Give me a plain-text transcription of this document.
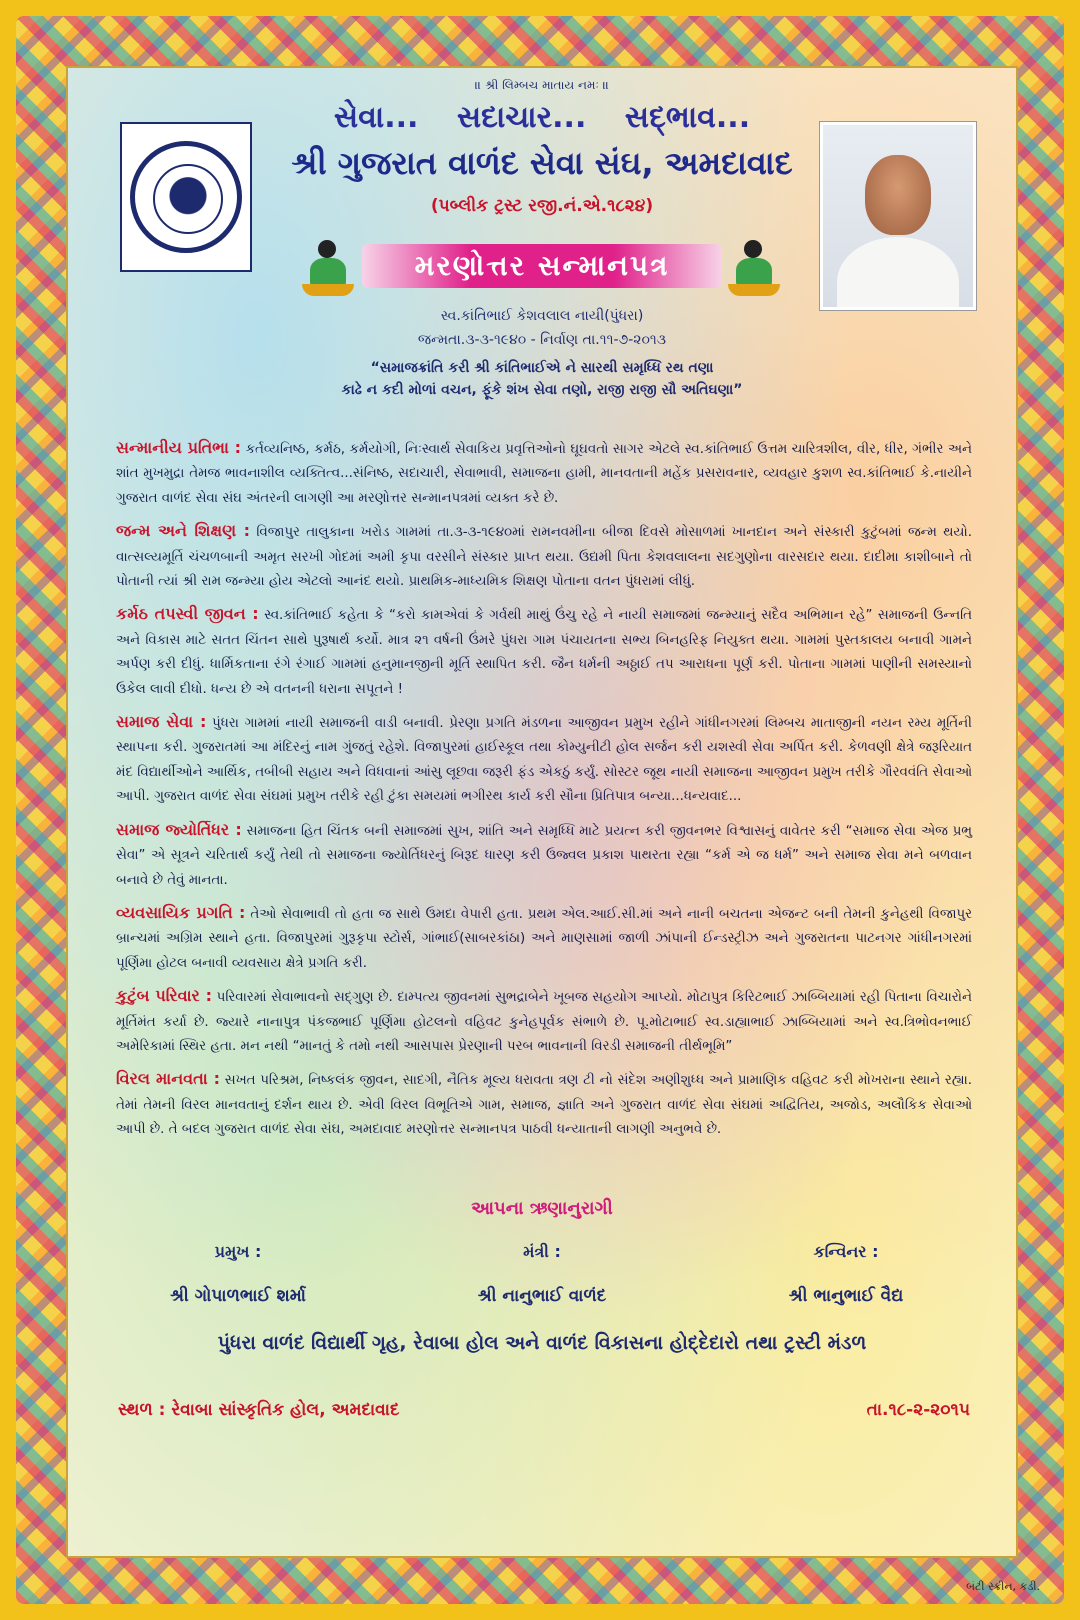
॥ શ્રી લિમ્બચ માતાય નમઃ ॥
સેવા... સદાચાર... સદ્‌ભાવ...
શ્રી ગુજરાત વાળંદ સેવા સંઘ, અમદાવાદ
(પબ્લીક ટ્રસ્ટ રજી.નં.એ.૧૮૨૪)
મરણોત્તર સન્માનપત્ર
સ્વ.કાંતિભાઈ કેશવલાલ નાયી(પુંધરા)
જન્મતા.૩-૩-૧૯૪૦ - નિર્વાણ તા.૧૧-૭-૨૦૧૩
“સમાજક્રાંતિ કરી શ્રી કાંતિભાઈએ ને સારથી સમૃધ્ધિ રથ તણા
કાઢે ન કદી મોળાં વચન, ફૂંકે શંખ સેવા તણો, રાજી રાજી સૌ અતિઘણા”

સન્માનીય પ્રતિભા : કર્તવ્યનિષ્ઠ, કર્મઠ, કર્મયોગી, નિઃસ્વાર્થ સેવાકિય પ્રવૃત્તિઓનો ઘૂઘવતો સાગર એટલે સ્વ.કાંતિભાઈ ઉત્તમ ચારિત્રશીલ, વીર, ધીર, ગંભીર અને શાંત મુખમુદ્રા તેમજ ભાવનાશીલ વ્યક્તિત્વ...સંનિષ્ઠ, સદાચારી, સેવાભાવી, સમાજના હામી, માનવતાની મહેંક પ્રસરાવનાર, વ્યવહાર કુશળ સ્વ.કાંતિભાઈ કે.નાયીને ગુજરાત વાળંદ સેવા સંઘ અંતરની લાગણી આ મરણોત્તર સન્માનપત્રમાં વ્યક્ત કરે છે.

જન્મ અને શિક્ષણ : વિજાપુર તાલુકાના ખરોડ ગામમાં તા.૩-૩-૧૯૪૦માં રામનવમીના બીજા દિવસે મોસાળમાં ખાનદાન અને સંસ્કારી કુટુંબમાં જન્મ થયો. વાત્સલ્યમૂર્તિ ચંચળબાની અમૃત સરખી ગોદમાં અમી કૃપા વરસીને સંસ્કાર પ્રાપ્ત થયા. ઉદ્યમી પિતા કેશવલાલના સદગુણોના વારસદાર થયા. દાદીમા કાશીબાને તો પોતાની ત્યાં શ્રી રામ જન્મ્યા હોય એટલો આનંદ થયો. પ્રાથમિક-માધ્યમિક શિક્ષણ પોતાના વતન પુંધરામાં લીધું.

કર્મઠ તપસ્વી જીવન : સ્વ.કાંતિભાઈ કહેતા કે “કરો કામએવાં કે ગર્વથી માથું ઉંચુ રહે ને નાયી સમાજમાં જન્મ્યાનું સદૈવ અભિમાન રહે” સમાજની ઉન્નતિ અને વિકાસ માટે સતત ચિંતન સાથે પુરૂષાર્થ કર્યો. માત્ર ૨૧ વર્ષની ઉંમરે પુંધરા ગામ પંચાયતના સભ્ય બિનહરિફ નિયુક્ત થયા. ગામમાં પુસ્તકાલય બનાવી ગામને અર્પણ કરી દીધું. ધાર્મિકતાના રંગે રંગાઈ ગામમાં હનુમાનજીની મૂર્તિ સ્થાપિત કરી. જૈન ધર્મની અઠ્ઠાઈ તપ આરાધના પૂર્ણ કરી. પોતાના ગામમાં પાણીની સમસ્યાનો ઉકેલ લાવી દીધો. ધન્ય છે એ વતનની ધરાના સપૂતને !

સમાજ સેવા : પુંધરા ગામમાં નાયી સમાજની વાડી બનાવી. પ્રેરણા પ્રગતિ મંડળના આજીવન પ્રમુખ રહીને ગાંધીનગરમાં લિમ્બચ માતાજીની નયન રમ્ય મૂર્તિની સ્થાપના કરી. ગુજરાતમાં આ મંદિરનું નામ ગુંજતું રહેશે. વિજાપુરમાં હાઈસ્કૂલ તથા કોમ્યુનીટી હોલ સર્જન કરી યશસ્વી સેવા અર્પિત કરી. કેળવણી ક્ષેત્રે જરૂરિયાત મંદ વિદ્યાર્થીઓને આર્થિક, તબીબી સહાય અને વિધવાનાં આંસુ લૂછવા જરૂરી ફંડ એકઠું કર્યું. સોસ્ટર જૂથ નાયી સમાજના આજીવન પ્રમુખ તરીકે ગૌરવવંતિ સેવાઓ આપી. ગુજરાત વાળંદ સેવા સંઘમાં પ્રમુખ તરીકે રહી ટુંકા સમયમાં ભગીરથ કાર્ય કરી સૌના પ્રિતિપાત્ર બન્યા...ધન્યવાદ...

સમાજ જ્યોર્તિધર : સમાજના હિત ચિંતક બની સમાજમાં સુખ, શાંતિ અને સમૃધ્ધિ માટે પ્રયત્ન કરી જીવનભર વિશ્વાસનું વાવેતર કરી “સમાજ સેવા એજ પ્રભુ સેવા” એ સૂત્રને ચરિતાર્થ કર્યું તેથી તો સમાજના જ્યોર્તિધરનું બિરૂદ ધારણ કરી ઉજ્વલ પ્રકાશ પાથરતા રહ્યા “કર્મ એ જ ધર્મ” અને સમાજ સેવા મને બળવાન બનાવે છે તેવું માનતા.

વ્યવસાયિક પ્રગતિ : તેઓ સેવાભાવી તો હતા જ સાથે ઉમદા વેપારી હતા. પ્રથમ એલ.આઈ.સી.માં અને નાની બચતના એજન્ટ બની તેમની કુનેહથી વિજાપુર બ્રાન્ચમાં અગ્રિમ સ્થાને હતા. વિજાપુરમાં ગુરૂકૃપા સ્ટોર્સ, ગાંભાઈ(સાબરકાંઠા) અને માણસામાં જાળી ઝાંપાની ઈન્ડસ્ટ્રીઝ અને ગુજરાતના પાટનગર ગાંધીનગરમાં પૂર્ણિમા હોટલ બનાવી વ્યવસાય ક્ષેત્રે પ્રગતિ કરી.

કુટુંબ પરિવાર : પરિવારમાં સેવાભાવનો સદ્‌ગુણ છે. દામ્પત્ય જીવનમાં સુભદ્રાબેને ખૂબજ સહયોગ આપ્યો. મોટાપુત્ર કિરિટભાઈ ઝાબ્બિયામાં રહી પિતાના વિચારોને મૂર્તિમંત કર્યા છે. જ્યારે નાનાપુત્ર પંકજભાઈ પૂર્ણિમા હોટલનો વહિવટ કુનેહપૂર્વક સંભાળે છે. પૂ.મોટાભાઈ સ્વ.ડાહ્યાભાઈ ઝાબ્બિયામાં અને સ્વ.ત્રિભોવનભાઈ અમેરિકામાં સ્થિર હતા. મન નથી “માનતું કે તમો નથી આસપાસ પ્રેરણાની પરબ ભાવનાની વિરડી સમાજની તીર્થભૂમિ”

વિરલ માનવતા : સખત પરિશ્રમ, નિષ્કલંક જીવન, સાદગી, નૈતિક મૂલ્ય ધરાવતા ત્રણ ટી નો સંદેશ અણીશુધ્ધ અને પ્રામાણિક વહિવટ કરી મોખરાના સ્થાને રહ્યા. તેમાં તેમની વિરલ માનવતાનું દર્શન થાય છે. એવી વિરલ વિભૂતિએ ગામ, સમાજ, જ્ઞાતિ અને ગુજરાત વાળંદ સેવા સંઘમાં અદ્વિતિય, અજોડ, અલૌકિક સેવાઓ આપી છે. તે બદલ ગુજરાત વાળંદ સેવા સંઘ, અમદાવાદ મરણોત્તર સન્માનપત્ર પાઠવી ધન્યાતાની લાગણી અનુભવે છે.

આપના ઋણાનુરાગી
પ્રમુખ :	મંત્રી :	કન્વિનર :
શ્રી ગોપાળભાઈ શર્મા	શ્રી નાનુભાઈ વાળંદ	શ્રી ભાનુભાઈ વૈદ્ય
પુંધરા વાળંદ વિદ્યાર્થી ગૃહ, રેવાબા હોલ અને વાળંદ વિકાસના હોદ્દેદારો તથા ટ્રસ્ટી મંડળ
સ્થળ : રેવાબા સાંસ્કૃતિક હોલ, અમદાવાદ	તા.૧૮-૨-૨૦૧૫
બંટી સ્ક્રીન, કડી.
